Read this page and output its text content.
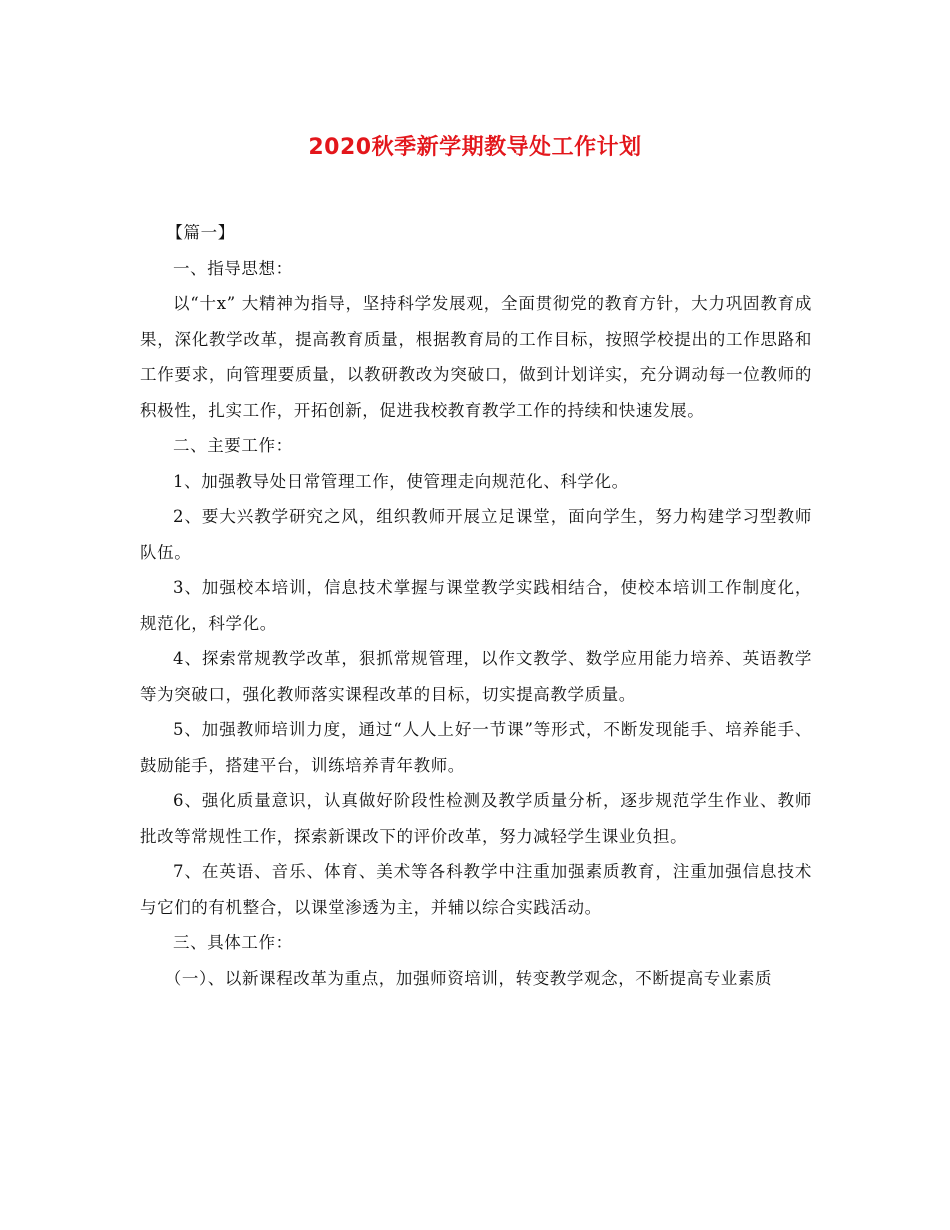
2020秋季新学期教导处工作计划

【篇一】

一、指导思想：

以“十x” 大精神为指导，坚持科学发展观，全面贯彻党的教育方针，大力巩固教育成果，深化教学改革，提高教育质量，根据教育局的工作目标，按照学校提出的工作思路和工作要求，向管理要质量，以教研教改为突破口，做到计划详实，充分调动每一位教师的积极性，扎实工作，开拓创新，促进我校教育教学工作的持续和快速发展。

二、主要工作：

1、加强教导处日常管理工作，使管理走向规范化、科学化。

2、要大兴教学研究之风，组织教师开展立足课堂，面向学生，努力构建学习型教师队伍。

3、加强校本培训，信息技术掌握与课堂教学实践相结合，使校本培训工作制度化，规范化，科学化。

4、探索常规教学改革，狠抓常规管理，以作文教学、数学应用能力培养、英语教学等为突破口，强化教师落实课程改革的目标，切实提高教学质量。

5、加强教师培训力度，通过“人人上好一节课”等形式，不断发现能手、培养能手、鼓励能手，搭建平台，训练培养青年教师。

6、强化质量意识，认真做好阶段性检测及教学质量分析，逐步规范学生作业、教师批改等常规性工作，探索新课改下的评价改革，努力减轻学生课业负担。

7、在英语、音乐、体育、美术等各科教学中注重加强素质教育，注重加强信息技术与它们的有机整合，以课堂渗透为主，并辅以综合实践活动。

三、具体工作：

（一）、以新课程改革为重点，加强师资培训，转变教学观念，不断提高专业素质
